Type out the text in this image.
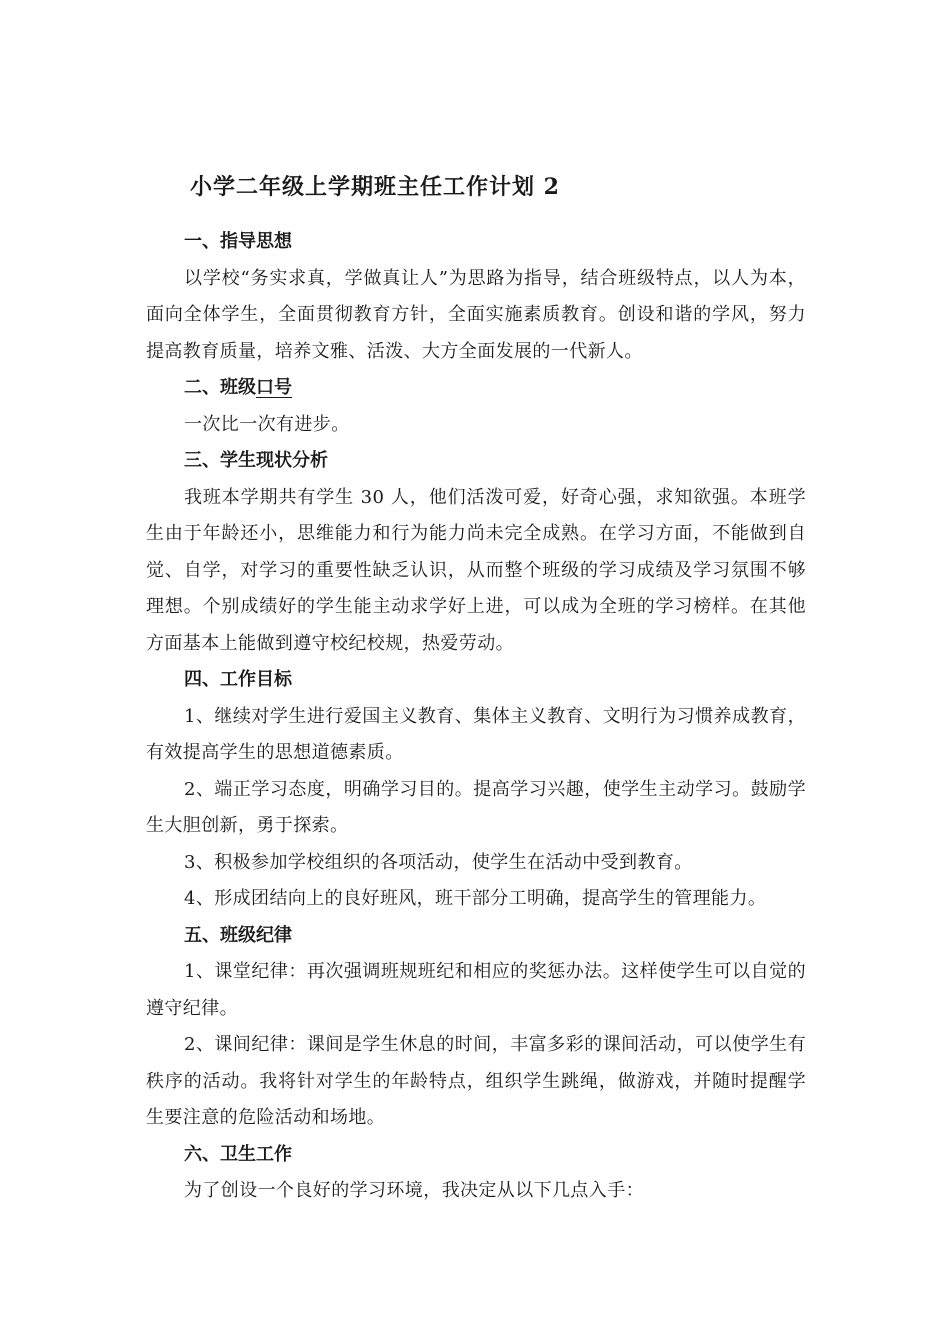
小学二年级上学期班主任工作计划 2

一、指导思想

以学校“务实求真，学做真让人”为思路为指导，结合班级特点，以人为本，面向全体学生，全面贯彻教育方针，全面实施素质教育。创设和谐的学风，努力提高教育质量，培养文雅、活泼、大方全面发展的一代新人。

二、班级口号

一次比一次有进步。

三、学生现状分析

我班本学期共有学生 30 人，他们活泼可爱，好奇心强，求知欲强。本班学生由于年龄还小，思维能力和行为能力尚未完全成熟。在学习方面，不能做到自觉、自学，对学习的重要性缺乏认识，从而整个班级的学习成绩及学习氛围不够理想。个别成绩好的学生能主动求学好上进，可以成为全班的学习榜样。在其他方面基本上能做到遵守校纪校规，热爱劳动。

四、工作目标

1、继续对学生进行爱国主义教育、集体主义教育、文明行为习惯养成教育，有效提高学生的思想道德素质。

2、端正学习态度，明确学习目的。提高学习兴趣，使学生主动学习。鼓励学生大胆创新，勇于探索。

3、积极参加学校组织的各项活动，使学生在活动中受到教育。

4、形成团结向上的良好班风，班干部分工明确，提高学生的管理能力。

五、班级纪律

1、课堂纪律：再次强调班规班纪和相应的奖惩办法。这样使学生可以自觉的遵守纪律。

2、课间纪律：课间是学生休息的时间，丰富多彩的课间活动，可以使学生有秩序的活动。我将针对学生的年龄特点，组织学生跳绳，做游戏，并随时提醒学生要注意的危险活动和场地。

六、卫生工作

为了创设一个良好的学习环境，我决定从以下几点入手：
